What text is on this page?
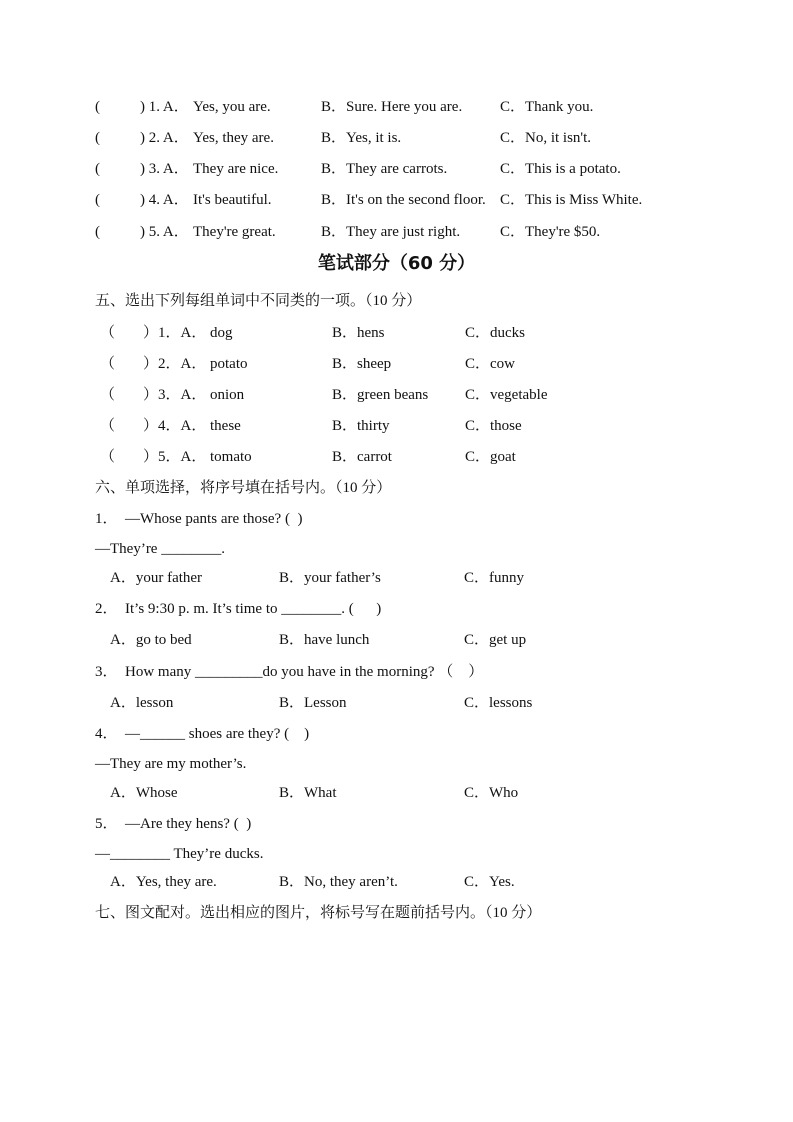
(	) 1. A． Yes, you are.	B．Sure. Here you are.	C．Thank you.
(	) 2. A． Yes, they are.	B．Yes, it is.	C．No, it isn't.
(	) 3. A． They are nice.	B．They are carrots.	C．This is a potato.
(	) 4. A． It's beautiful.	B．It's on the second floor. C．This is Miss White.
(	) 5. A． They're great.	B．They are just right.	C．They're $50.
笔试部分（60 分）
五、选出下列每组单词中不同类的一项。（10 分）
（ ）1．A． dog	B．hens	C．ducks
（ ）2．A． potato	B．sheep	C．cow
（ ）3．A． onion	B．green beans C．vegetable
（ ）4．A． these	B．thirty	C．those
（ ）5．A． tomato	B．carrot	C．goat
六、单项选择，将序号填在括号内。（10 分）
1．　—Whose pants are those? ( )
—They’re ________.
A．your father	B．your father’s	C．funny
2．　It’s 9:30 p. m. It’s time to ________. (  )
A．go to bed	B．have lunch	C．get up
3．　How many _________do you have in the morning? （ ）
A．lesson	B．Lesson	C．lessons
4．　—______ shoes are they? ( )
—They are my mother’s.
A．Whose	B．What	C．Who
5．　—Are they hens? ( )
—________ They’re ducks.
A．Yes, they are.	B．No, they aren’t.	C．Yes.
七、图文配对。选出相应的图片，将标号写在题前括号内。（10 分）
